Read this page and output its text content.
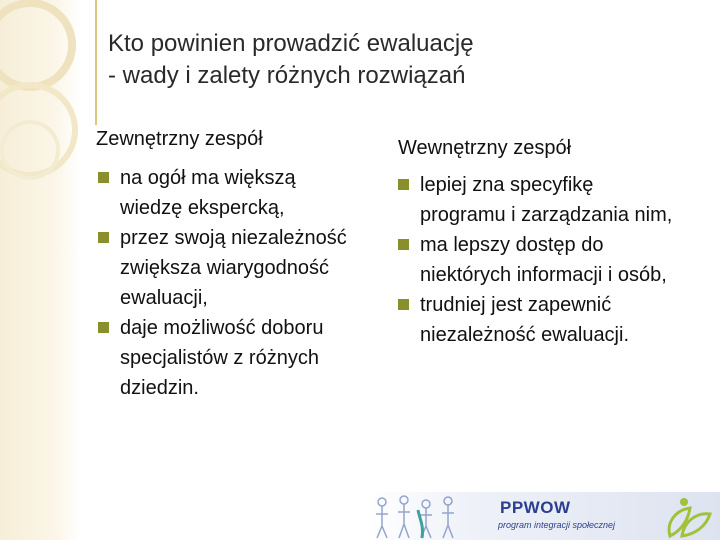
Kto powinien prowadzić ewaluację
- wady i zalety różnych rozwiązań
Zewnętrzny zespół
na ogół ma większą
wiedzę ekspercką,
przez swoją niezależność
zwiększa wiarygodność
ewaluacji,
daje możliwość doboru
specjalistów z różnych
dziedzin.
Wewnętrzny zespół
lepiej zna specyfikę
programu i zarządzania nim,
ma lepszy dostęp do
niektórych informacji i osób,
trudniej jest zapewnić
niezależność ewaluacji.
PPWOW
program integracji społecznej
